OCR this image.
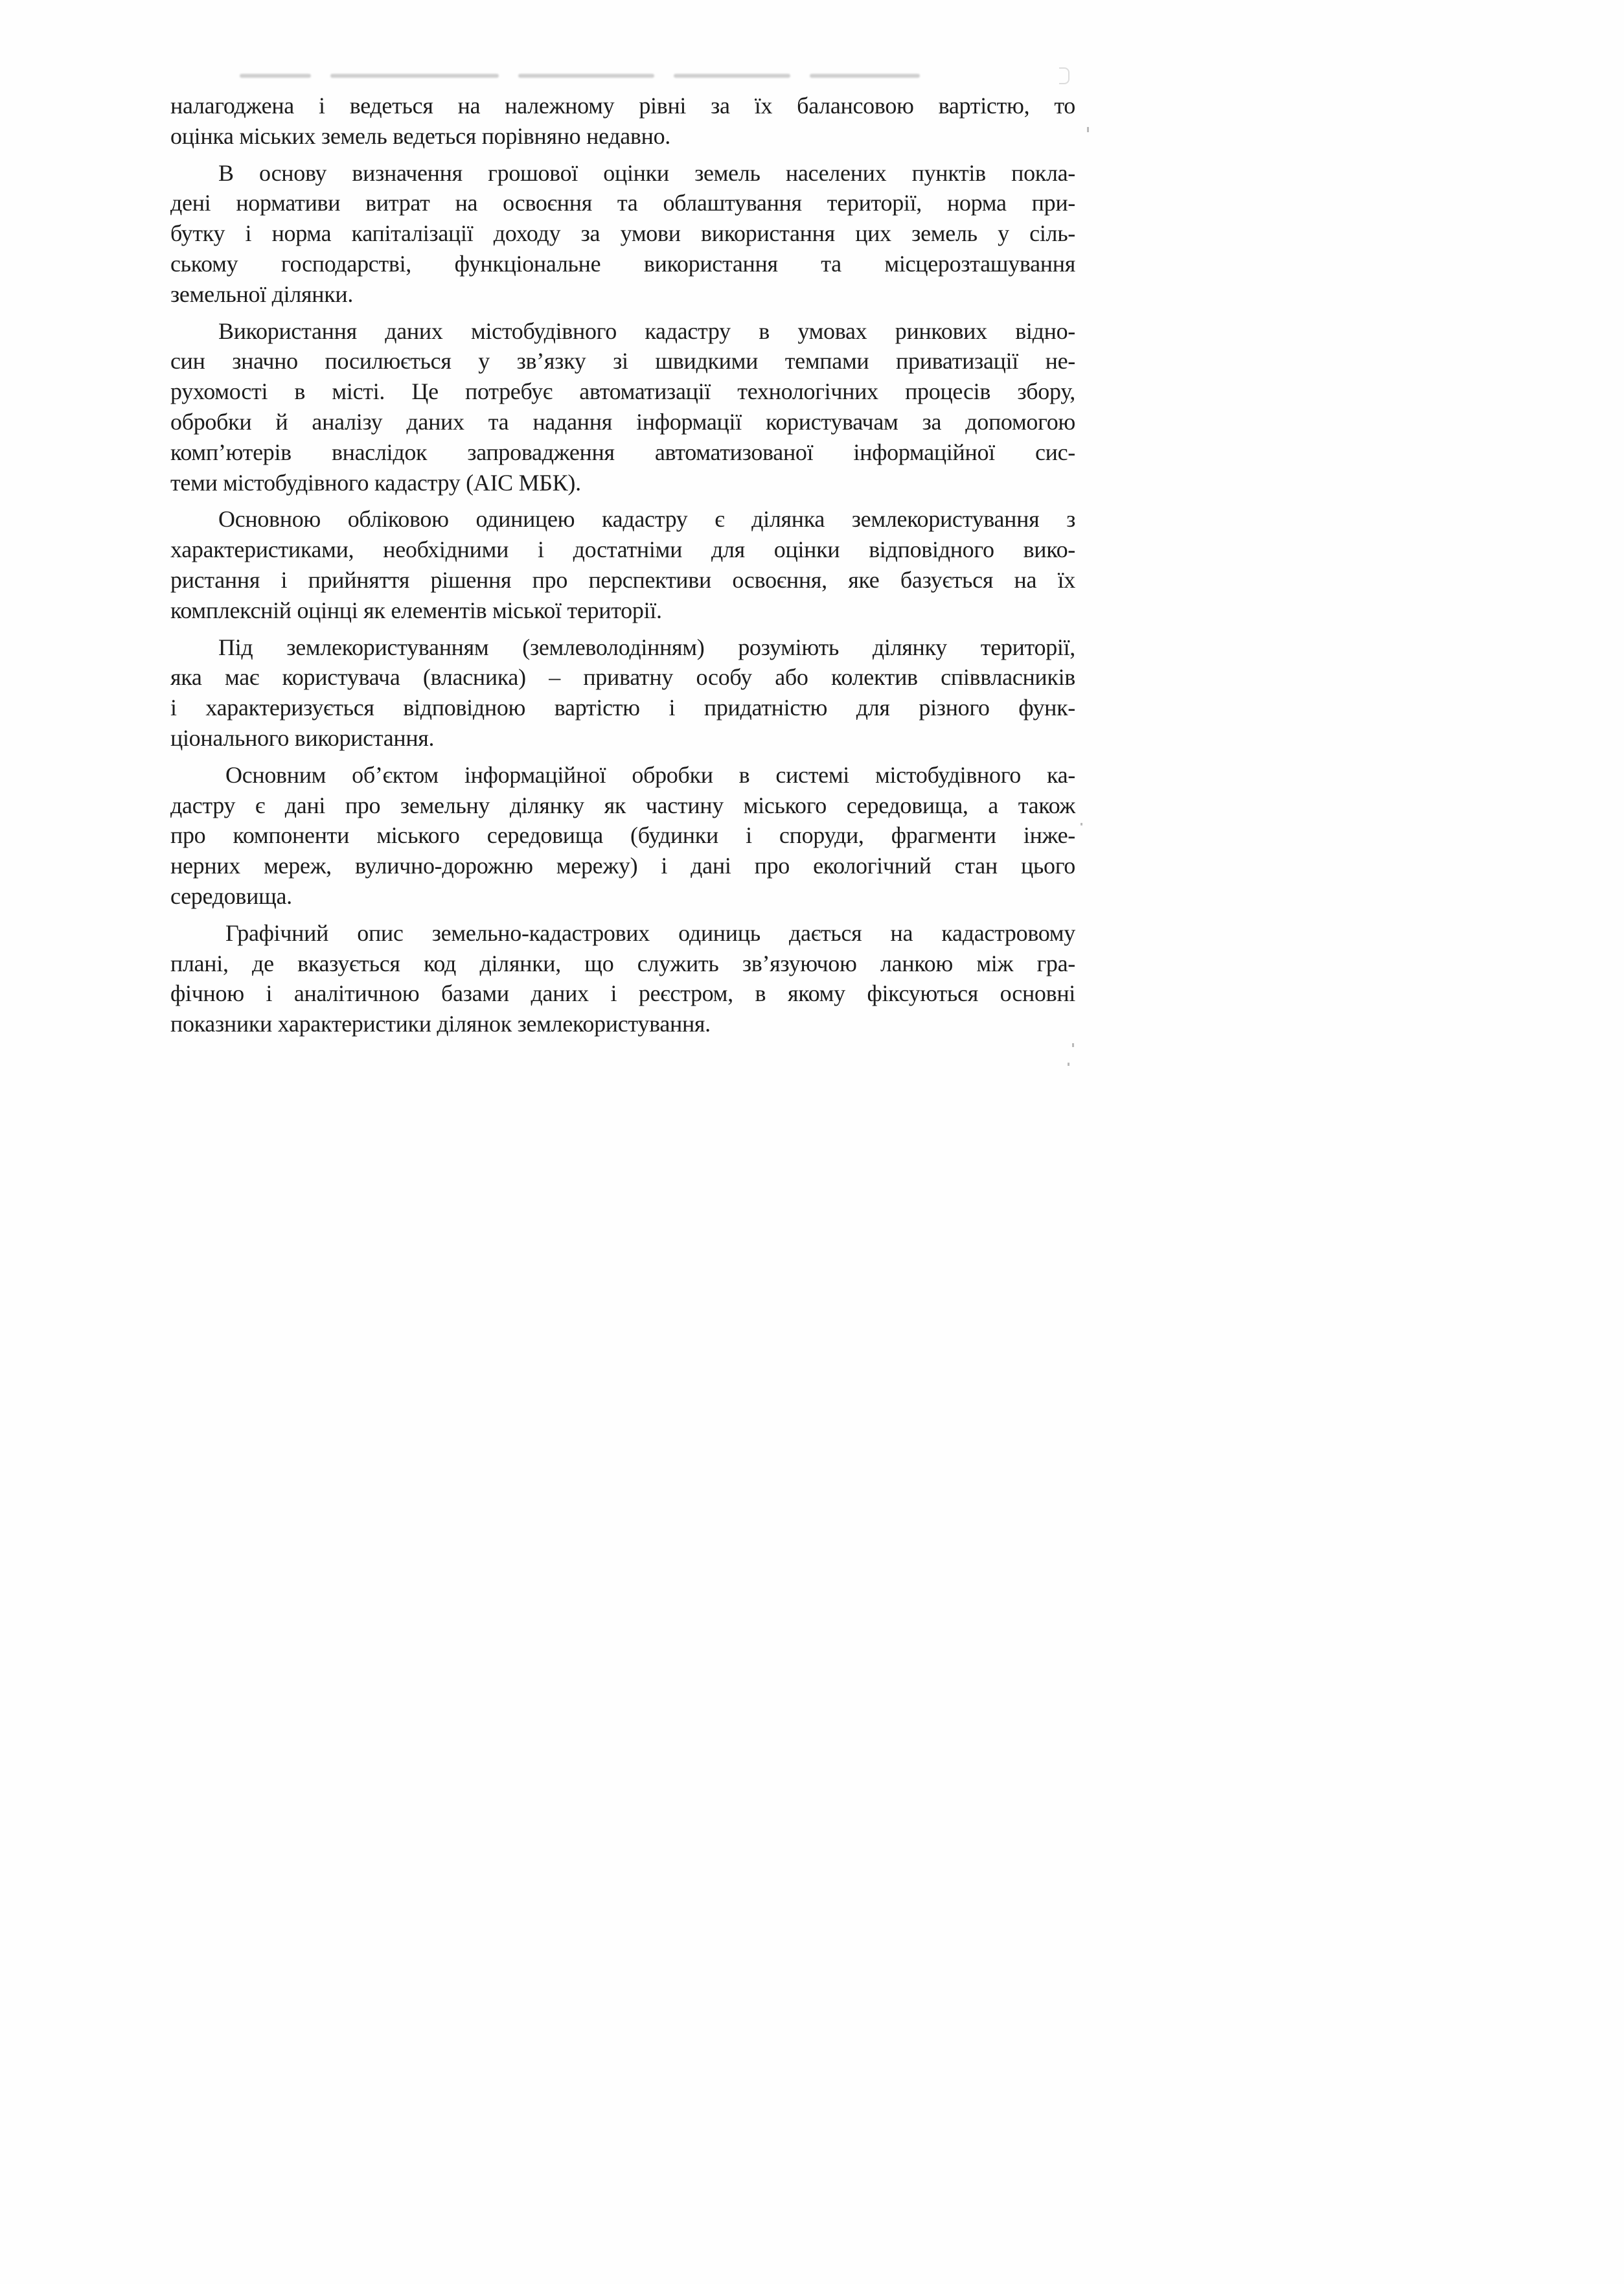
налагоджена і ведеться на належному рівні за їх балансовою вартістю, то
оцінка міських земель ведеться порівняно недавно.
В основу визначення грошової оцінки земель населених пунктів покла-
дені нормативи витрат на освоєння та облаштування території, норма при-
бутку і норма капіталізації доходу за умови використання цих земель у сіль-
ському господарстві, функціональне використання та місцерозташування
земельної ділянки.
Використання даних містобудівного кадастру в умовах ринкових відно-
син значно посилюється у зв’язку зі швидкими темпами приватизації не-
рухомості в місті. Це потребує автоматизації технологічних процесів збору,
обробки й аналізу даних та надання інформації користувачам за допомогою
комп’ютерів внаслідок запровадження автоматизованої інформаційної сис-
теми містобудівного кадастру (АІС МБК).
Основною обліковою одиницею кадастру є ділянка землекористування з
характеристиками, необхідними і достатніми для оцінки відповідного вико-
ристання і прийняття рішення про перспективи освоєння, яке базується на їх
комплексній оцінці як елементів міської території.
Під землекористуванням (землеволодінням) розуміють ділянку території,
яка має користувача (власника) – приватну особу або колектив співвласників
і характеризується відповідною вартістю і придатністю для різного функ-
ціонального використання.
Основним об’єктом інформаційної обробки в системі містобудівного ка-
дастру є дані про земельну ділянку як частину міського середовища, а також
про компоненти міського середовища (будинки і споруди, фрагменти інже-
нерних мереж, вулично-дорожню мережу) і дані про екологічний стан цього
середовища.
Графічний опис земельно-кадастрових одиниць дається на кадастровому
плані, де вказується код ділянки, що служить зв’язуючою ланкою між гра-
фічною і аналітичною базами даних і реєстром, в якому фіксуються основні
показники характеристики ділянок землекористування.
